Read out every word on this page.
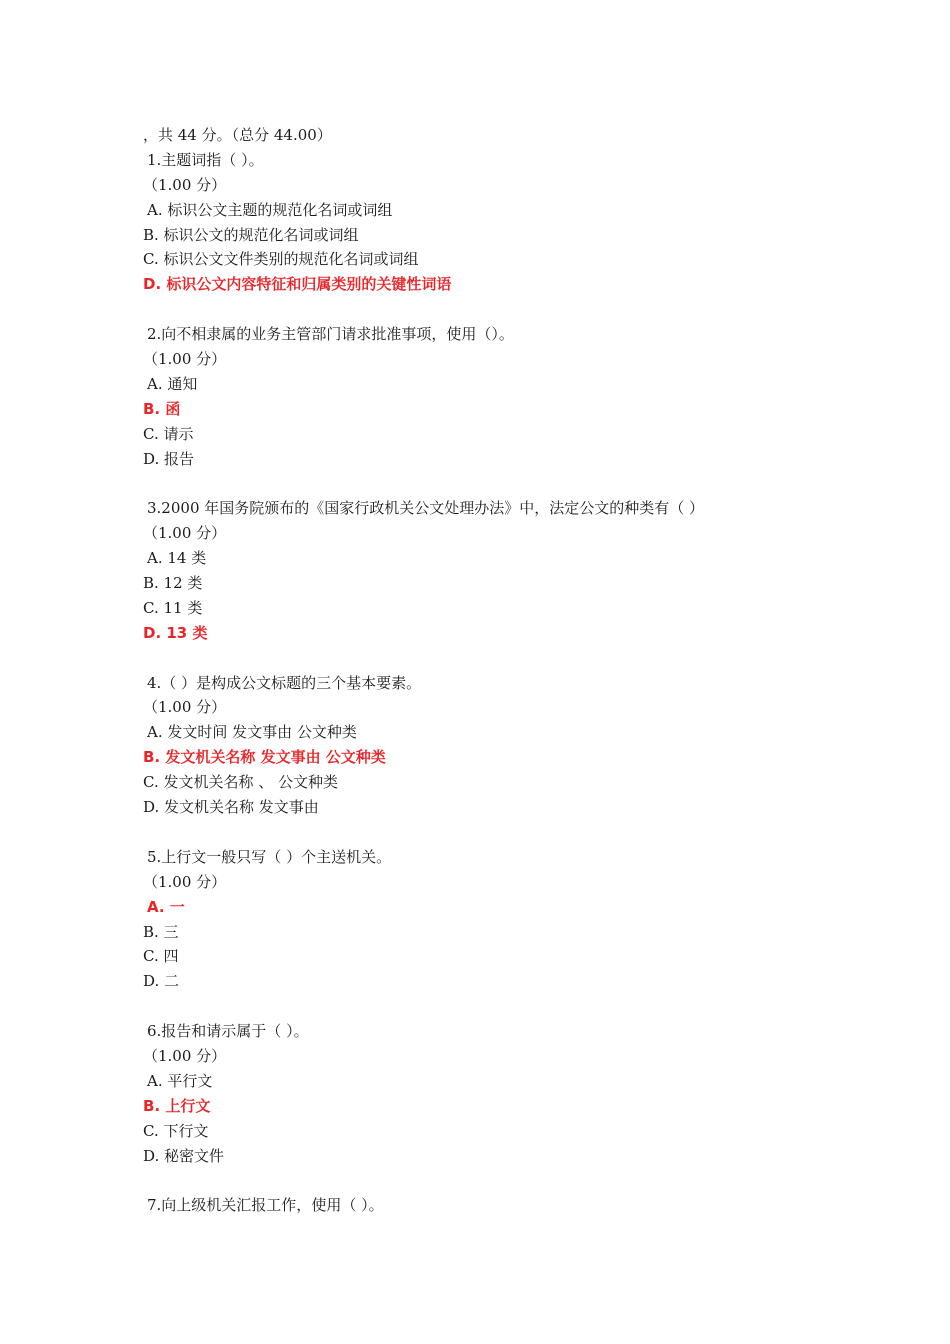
，共 44 分。（总分 44.00）
1.主题词指（ ）。
（1.00 分）
A. 标识公文主题的规范化名词或词组
B. 标识公文的规范化名词或词组
C. 标识公文文件类别的规范化名词或词组
D. 标识公文内容特征和归属类别的关键性词语
2.向不相隶属的业务主管部门请求批准事项，使用（）。
（1.00 分）
A. 通知
B. 函
C. 请示
D. 报告
3.2000 年国务院颁布的《国家行政机关公文处理办法》中，法定公文的种类有（ ）
（1.00 分）
A. 14 类
B. 12 类
C. 11 类
D. 13 类
4.（ ）是构成公文标题的三个基本要素。
（1.00 分）
A. 发文时间 发文事由 公文种类
B. 发文机关名称 发文事由 公文种类
C. 发文机关名称 、 公文种类
D. 发文机关名称 发文事由
5.上行文一般只写（ ）个主送机关。
（1.00 分）
A. 一
B. 三
C. 四
D. 二
6.报告和请示属于（ ）。
（1.00 分）
A. 平行文
B. 上行文
C. 下行文
D. 秘密文件
7.向上级机关汇报工作，使用（ ）。
